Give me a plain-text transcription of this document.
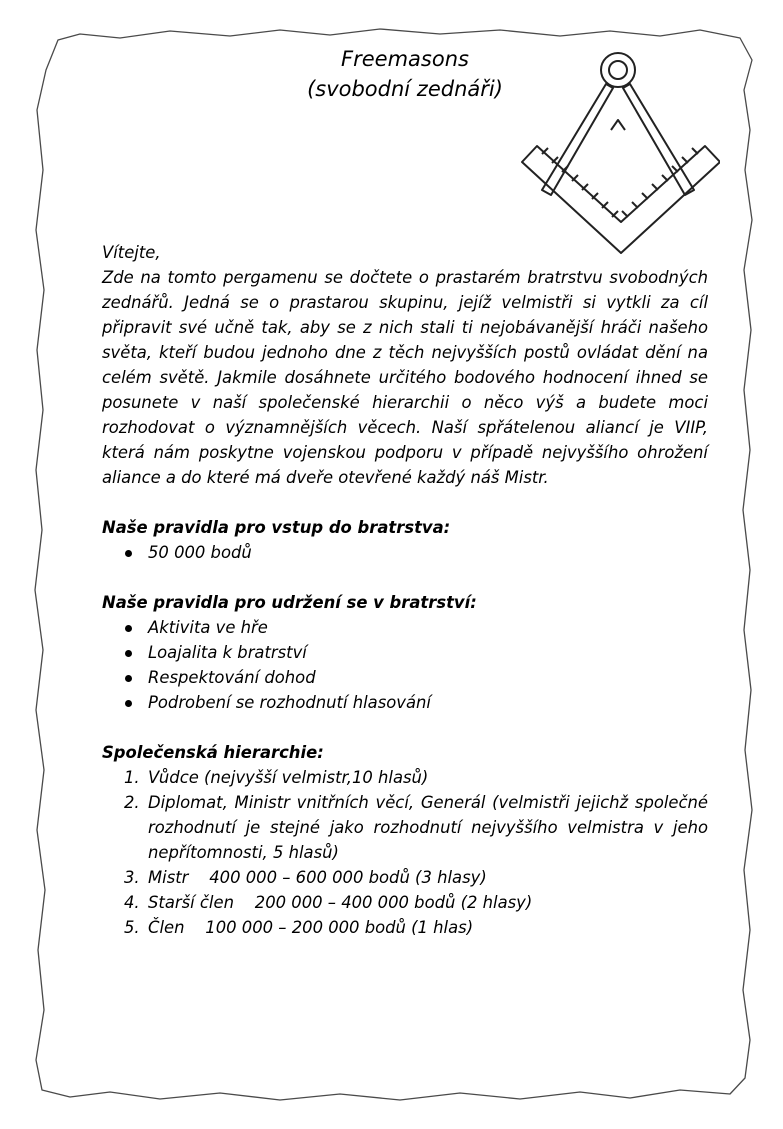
Freemasons
(svobodní zednáři)

Vítejte,

Zde na tomto pergamenu se dočtete o prastarém bratrstvu svobodných zednářů. Jedná se o prastarou skupinu, jejíž velmistři si vytkli za cíl připravit své učně tak, aby se z nich stali ti nejobávanější hráči našeho světa, kteří budou jednoho dne z těch nejvyšších postů ovládat dění na celém světě. Jakmile dosáhnete určitého bodového hodnocení ihned se posunete v naší společenské hierarchii o něco výš a budete moci rozhodovat o významnějších věcech. Naší spřátelenou aliancí je VIIP, která nám poskytne vojenskou podporu v případě nejvyššího ohrožení aliance a do které má dveře otevřené každý náš Mistr.

Naše pravidla pro vstup do bratrstva:

50 000 bodů

Naše pravidla pro udržení se v bratrství:

Aktivita ve hře
Loajalita k bratrství
Respektování dohod
Podrobení se rozhodnutí hlasování

Společenská hierarchie:

1. Vůdce (nejvyšší velmistr,10 hlasů)
2. Diplomat, Ministr vnitřních věcí, Generál (velmistři jejichž společné rozhodnutí je stejné jako rozhodnutí nejvyššího velmistra v jeho nepřítomnosti, 5 hlasů)
3. Mistr    400 000 – 600 000 bodů (3 hlasy)
4. Starší člen    200 000 – 400 000 bodů (2 hlasy)
5. Člen    100 000 – 200 000 bodů (1 hlas)
